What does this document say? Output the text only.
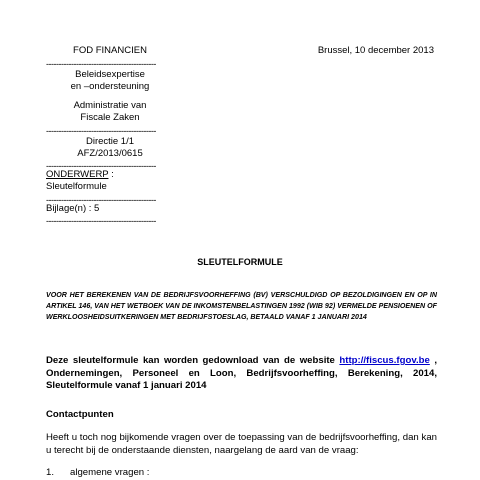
FOD FINANCIEN	Brussel, 10 december 2013
--------------------------------------------
Beleidsexpertise
en –ondersteuning
Administratie van
Fiscale Zaken
--------------------------------------------
Directie 1/1
AFZ/2013/0615
--------------------------------------------
ONDERWERP :
Sleutelformule
--------------------------------------------
Bijlage(n) : 5
--------------------------------------------
SLEUTELFORMULE
VOOR HET BEREKENEN VAN DE BEDRIJFSVOORHEFFING (BV) VERSCHULDIGD OP BEZOLDIGINGEN EN OP IN ARTIKEL 146, VAN HET WETBOEK VAN DE INKOMSTENBELASTINGEN 1992 (WIB 92) VERMELDE PENSIOENEN OF WERKLOOSHEIDSUITKERINGEN MET BEDRIJFSTOESLAG, BETAALD VANAF 1 JANUARI 2014
Deze sleutelformule kan worden gedownload van de website http://fiscus.fgov.be , Ondernemingen, Personeel en Loon, Bedrijfsvoorheffing, Berekening, 2014, Sleutelformule vanaf 1 januari 2014
Contactpunten
Heeft u toch nog bijkomende vragen over de toepassing van de bedrijfsvoorheffing, dan kan u terecht bij de onderstaande diensten, naargelang de aard van de vraag:
1. algemene vragen :
